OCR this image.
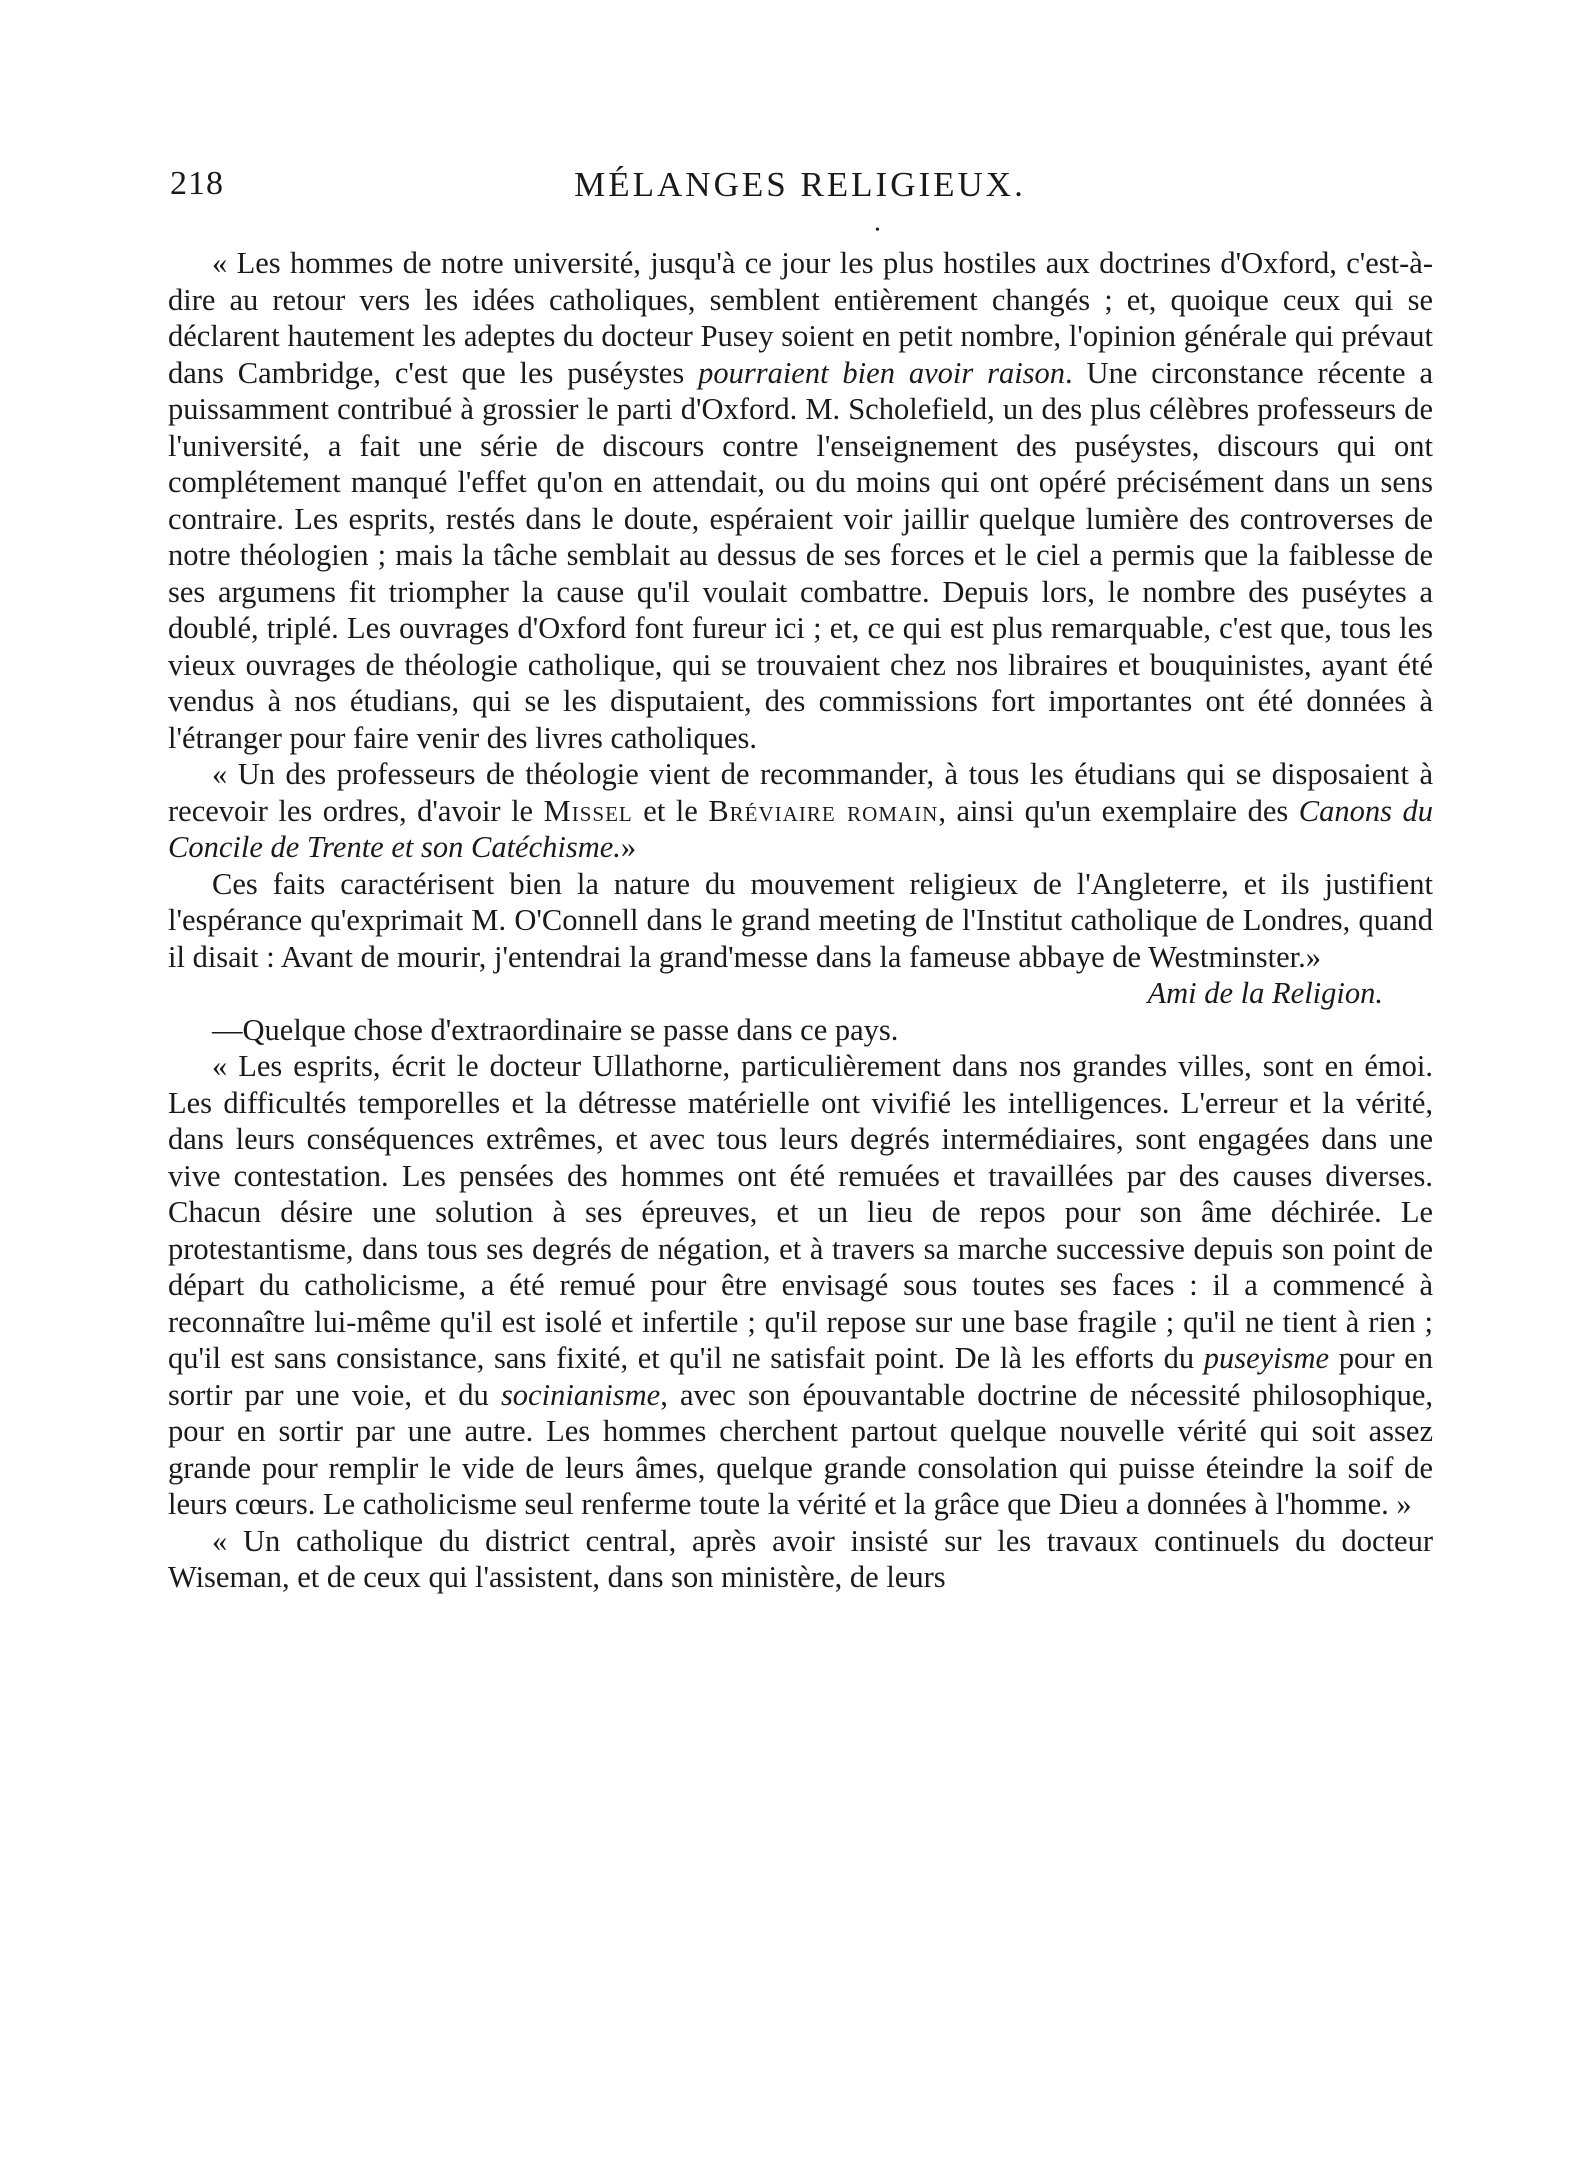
218	MÉLANGES RELIGIEUX.
•

« Les hommes de notre université, jusqu'à ce jour les plus hostiles aux doctrines d'Oxford, c'est-à-dire au retour vers les idées catholiques, semblent entièrement changés ; et, quoique ceux qui se déclarent hautement les adeptes du docteur Pusey soient en petit nombre, l'opinion générale qui prévaut dans Cambridge, c'est que les puséystes pourraient bien avoir raison. Une circonstance récente a puissamment contribué à grossier le parti d'Oxford. M. Scholefield, un des plus célèbres professeurs de l'université, a fait une série de discours contre l'enseignement des puséystes, discours qui ont complétement manqué l'effet qu'on en attendait, ou du moins qui ont opéré précisément dans un sens contraire. Les esprits, restés dans le doute, espéraient voir jaillir quelque lumière des controverses de notre théologien ; mais la tâche semblait au dessus de ses forces et le ciel a permis que la faiblesse de ses argumens fit triompher la cause qu'il voulait combattre. Depuis lors, le nombre des puséytes a doublé, triplé. Les ouvrages d'Oxford font fureur ici ; et, ce qui est plus remarquable, c'est que, tous les vieux ouvrages de théologie catholique, qui se trouvaient chez nos libraires et bouquinistes, ayant été vendus à nos étudians, qui se les disputaient, des commissions fort importantes ont été données à l'étranger pour faire venir des livres catholiques.

« Un des professeurs de théologie vient de recommander, à tous les étudians qui se disposaient à recevoir les ordres, d'avoir le Missel et le Bréviaire romain, ainsi qu'un exemplaire des Canons du Concile de Trente et son Catéchisme.»

Ces faits caractérisent bien la nature du mouvement religieux de l'Angleterre, et ils justifient l'espérance qu'exprimait M. O'Connell dans le grand meeting de l'Institut catholique de Londres, quand il disait : Avant de mourir, j'entendrai la grand'messe dans la fameuse abbaye de Westminster.»

Ami de la Religion.

—Quelque chose d'extraordinaire se passe dans ce pays.

« Les esprits, écrit le docteur Ullathorne, particulièrement dans nos grandes villes, sont en émoi. Les difficultés temporelles et la détresse matérielle ont vivifié les intelligences. L'erreur et la vérité, dans leurs conséquences extrêmes, et avec tous leurs degrés intermédiaires, sont engagées dans une vive contestation. Les pensées des hommes ont été remuées et travaillées par des causes diverses. Chacun désire une solution à ses épreuves, et un lieu de repos pour son âme déchirée. Le protestantisme, dans tous ses degrés de négation, et à travers sa marche successive depuis son point de départ du catholicisme, a été remué pour être envisagé sous toutes ses faces : il a commencé à reconnaître lui-même qu'il est isolé et infertile ; qu'il repose sur une base fragile ; qu'il ne tient à rien ; qu'il est sans consistance, sans fixité, et qu'il ne satisfait point. De là les efforts du puseyisme pour en sortir par une voie, et du socinianisme, avec son épouvantable doctrine de nécessité philosophique, pour en sortir par une autre. Les hommes cherchent partout quelque nouvelle vérité qui soit assez grande pour remplir le vide de leurs âmes, quelque grande consolation qui puisse éteindre la soif de leurs cœurs. Le catholicisme seul renferme toute la vérité et la grâce que Dieu a données à l'homme. »

« Un catholique du district central, après avoir insisté sur les travaux continuels du docteur Wiseman, et de ceux qui l'assistent, dans son ministère, de leurs
